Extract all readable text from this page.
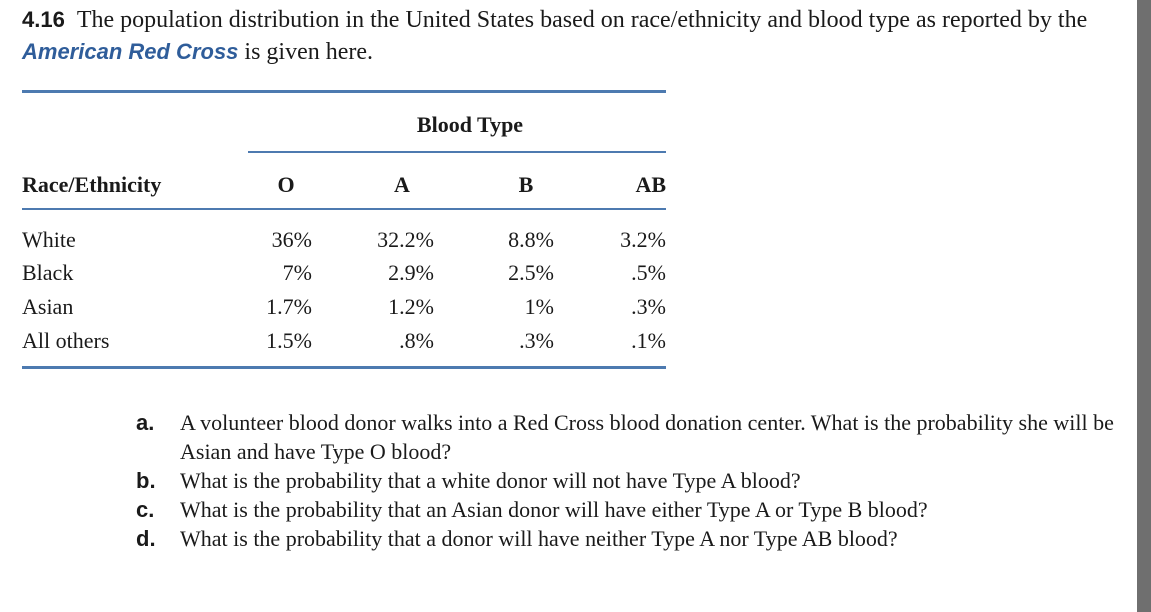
4.16 The population distribution in the United States based on race/ethnicity and blood type as reported by the American Red Cross is given here.
Blood Type
Race/Ethnicity	O	A	B	AB
White	36%	32.2%	8.8%	3.2%
Black	7%	2.9%	2.5%	.5%
Asian	1.7%	1.2%	1%	.3%
All others	1.5%	.8%	.3%	.1%
a.	A volunteer blood donor walks into a Red Cross blood donation center. What is the probability she will be Asian and have Type O blood?
b.	What is the probability that a white donor will not have Type A blood?
c.	What is the probability that an Asian donor will have either Type A or Type B blood?
d.	What is the probability that a donor will have neither Type A nor Type AB blood?
